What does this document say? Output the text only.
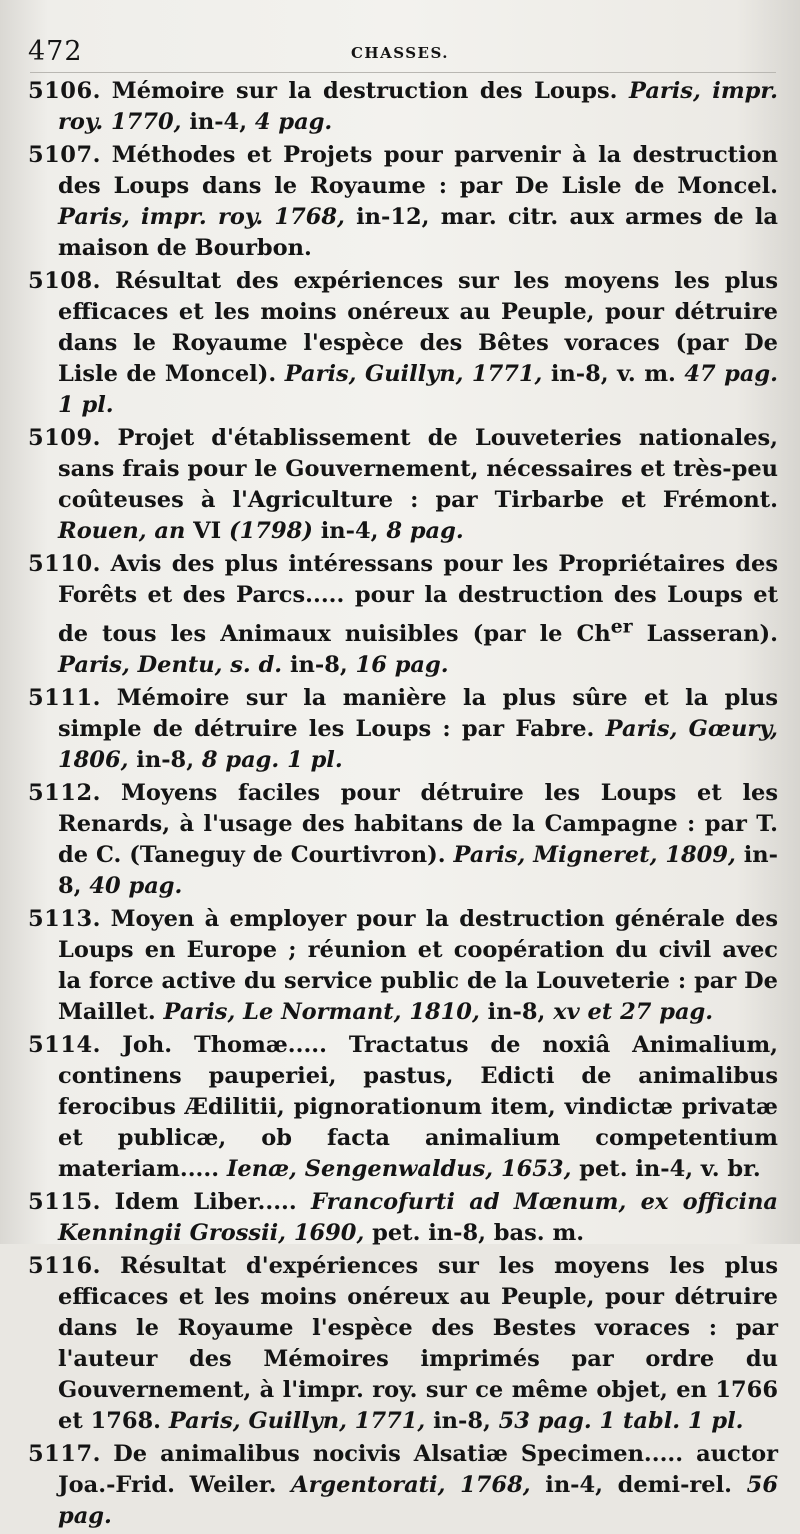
472	CHASSES.

5106. Mémoire sur la destruction des Loups. Paris, impr. roy. 1770, in-4, 4 pag.

5107. Méthodes et Projets pour parvenir à la destruction des Loups dans le Royaume : par De Lisle de Moncel. Paris, impr. roy. 1768, in-12, mar. citr. aux armes de la maison de Bourbon.

5108. Résultat des expériences sur les moyens les plus efficaces et les moins onéreux au Peuple, pour détruire dans le Royaume l'espèce des Bêtes voraces (par De Lisle de Moncel). Paris, Guillyn, 1771, in-8, v. m. 47 pag. 1 pl.

5109. Projet d'établissement de Louveteries nationales, sans frais pour le Gouvernement, nécessaires et très-peu coûteuses à l'Agriculture : par Tirbarbe et Frémont. Rouen, an VI (1798) in-4, 8 pag.

5110. Avis des plus intéressans pour les Propriétaires des Forêts et des Parcs..... pour la destruction des Loups et de tous les Animaux nuisibles (par le $Ch^{er}$ Lasseran). Paris, Dentu, s. d. in-8, 16 pag.

5111. Mémoire sur la manière la plus sûre et la plus simple de détruire les Loups : par Fabre. Paris, Gœury, 1806, in-8, 8 pag. 1 pl.

5112. Moyens faciles pour détruire les Loups et les Renards, à l'usage des habitans de la Campagne : par T. de C. (Taneguy de Courtivron). Paris, Migneret, 1809, in-8, 40 pag.

5113. Moyen à employer pour la destruction générale des Loups en Europe ; réunion et coopération du civil avec la force active du service public de la Louveterie : par De Maillet. Paris, Le Normant, 1810, in-8, xv et 27 pag.

5114. Joh. Thomæ..... Tractatus de noxiâ Animalium, continens pauperiei, pastus, Edicti de animalibus ferocibus Ædilitii, pignorationum item, vindictæ privatæ et publicæ, ob facta animalium competentium materiam..... Ienæ, Sengenwaldus, 1653, pet. in-4, v. br.

5115. Idem Liber..... Francofurti ad Mœnum, ex officina Kenningii Grossii, 1690, pet. in-8, bas. m.

5116. Résultat d'expériences sur les moyens les plus efficaces et les moins onéreux au Peuple, pour détruire dans le Royaume l'espèce des Bestes voraces : par l'auteur des Mémoires imprimés par ordre du Gouvernement, à l'impr. roy. sur ce même objet, en 1766 et 1768. Paris, Guillyn, 1771, in-8, 53 pag. 1 tabl. 1 pl.

5117. De animalibus nocivis Alsatiæ Specimen..... auctor Joa.-Frid. Weiler. Argentorati, 1768, in-4, demi-rel. 56 pag.
